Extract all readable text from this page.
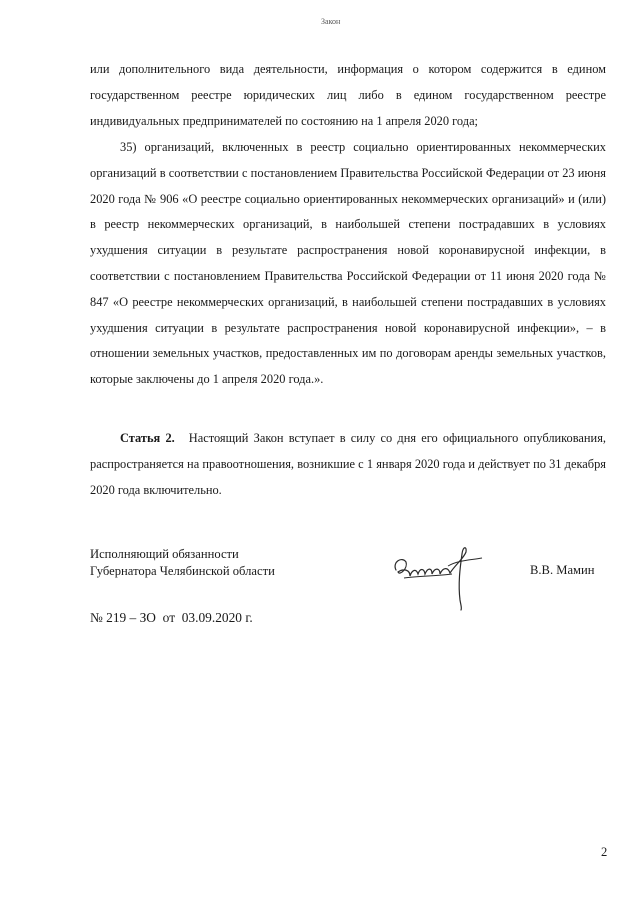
Закон

или дополнительного вида деятельности, информация о котором содержится в едином государственном реестре юридических лиц либо в едином государственном реестре индивидуальных предпринимателей по состоянию на 1 апреля 2020 года;

35) организаций, включенных в реестр социально ориентированных некоммерческих организаций в соответствии с постановлением Правительства Российской Федерации от 23 июня 2020 года № 906 «О реестре социально ориентированных некоммерческих организаций» и (или) в реестр некоммерческих организаций, в наибольшей степени пострадавших в условиях ухудшения ситуации в результате распространения новой коронавирусной инфекции, в соответствии с постановлением Правительства Российской Федерации от 11 июня 2020 года № 847 «О реестре некоммерческих организаций, в наибольшей степени пострадавших в условиях ухудшения ситуации в результате распространения новой коронавирусной инфекции», – в отношении земельных участков, предоставленных им по договорам аренды земельных участков, которые заключены до 1 апреля 2020 года.».

Статья 2. Настоящий Закон вступает в силу со дня его официального опубликования, распространяется на правоотношения, возникшие с 1 января 2020 года и действует по 31 декабря 2020 года включительно.

Исполняющий обязанности
Губернатора Челябинской области	В.В. Мамин
№ 219 – ЗО  от  03.09.2020 г.
2
